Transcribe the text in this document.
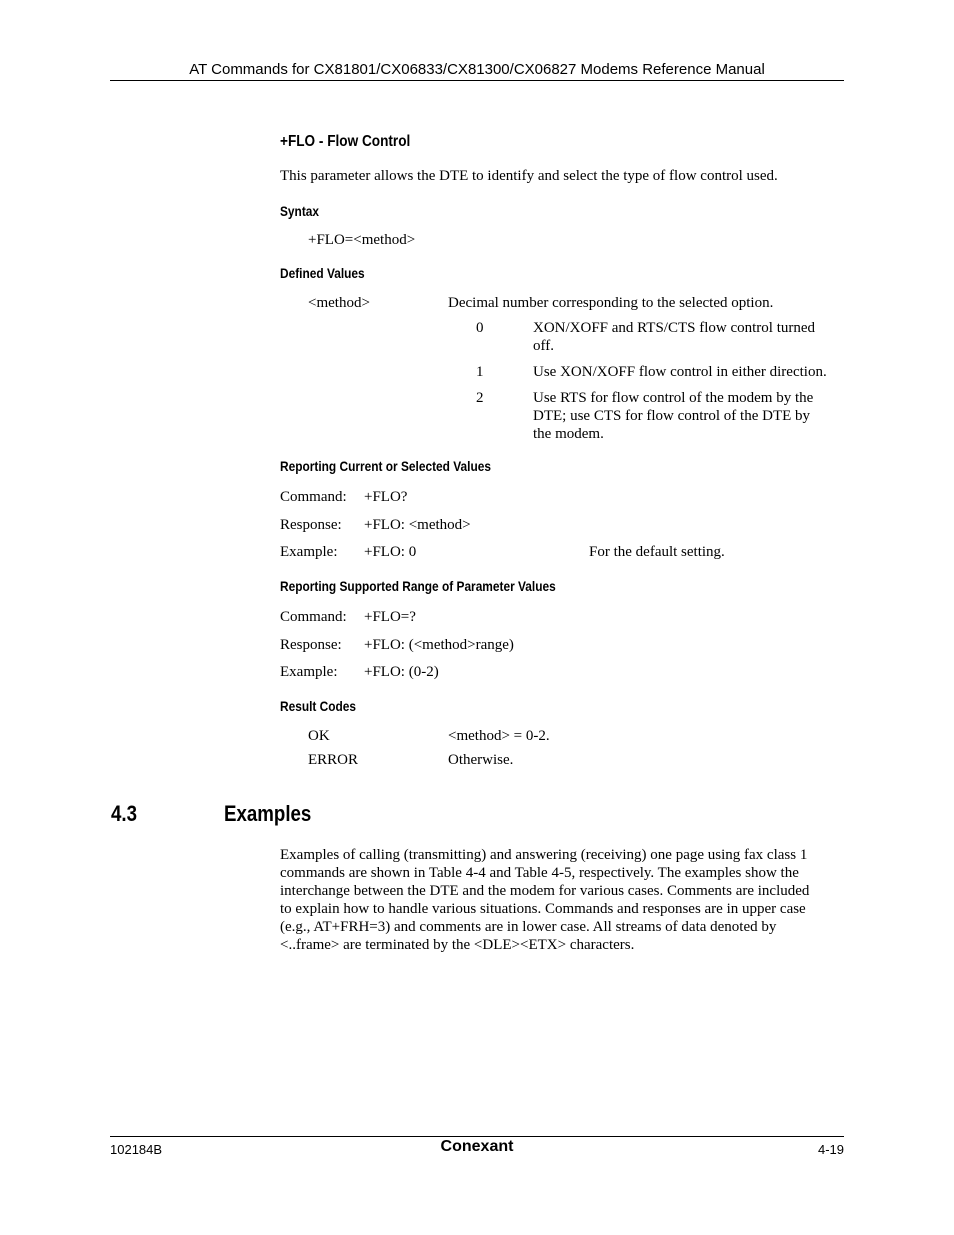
AT Commands for CX81801/CX06833/CX81300/CX06827 Modems Reference Manual
+FLO - Flow Control
This parameter allows the DTE to identify and select the type of flow control used.
Syntax
+FLO=<method>
Defined Values
<method>	Decimal number corresponding to the selected option.
0	XON/XOFF and RTS/CTS flow control turned
off.
1	Use XON/XOFF flow control in either direction.
2	Use RTS for flow control of the modem by the
DTE; use CTS for flow control of the DTE by
the modem.
Reporting Current or Selected Values
Command: +FLO?
Response: +FLO: <method>
Example: +FLO: 0	For the default setting.
Reporting Supported Range of Parameter Values
Command: +FLO=?
Response: +FLO: (<method>range)
Example: +FLO: (0-2)
Result Codes
OK	<method> = 0-2.
ERROR	Otherwise.
4.3	Examples
Examples of calling (transmitting) and answering (receiving) one page using fax class 1
commands are shown in Table 4-4 and Table 4-5, respectively. The examples show the
interchange between the DTE and the modem for various cases. Comments are included
to explain how to handle various situations. Commands and responses are in upper case
(e.g., AT+FRH=3) and comments are in lower case. All streams of data denoted by
<..frame> are terminated by the <DLE><ETX> characters.
102184B	Conexant	4-19
